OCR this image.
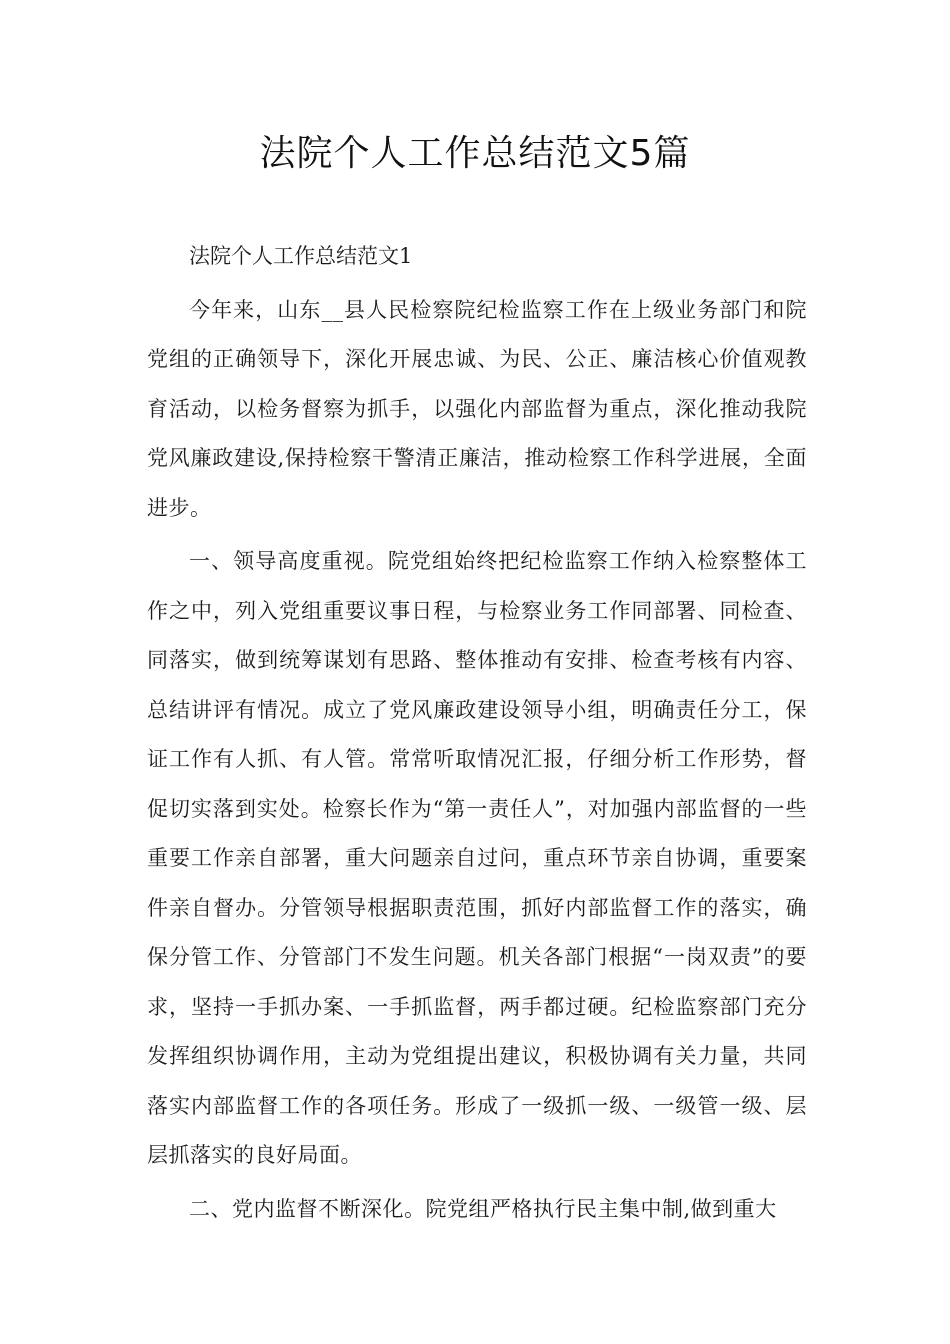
法院个人工作总结范文5篇

法院个人工作总结范文1

今年来，山东__县人民检察院纪检监察工作在上级业务部门和院党组的正确领导下，深化开展忠诚、为民、公正、廉洁核心价值观教育活动，以检务督察为抓手，以强化内部监督为重点，深化推动我院党风廉政建设,保持检察干警清正廉洁，推动检察工作科学进展，全面进步。

一、领导高度重视。院党组始终把纪检监察工作纳入检察整体工作之中，列入党组重要议事日程，与检察业务工作同部署、同检查、同落实，做到统筹谋划有思路、整体推动有安排、检查考核有内容、总结讲评有情况。成立了党风廉政建设领导小组，明确责任分工，保证工作有人抓、有人管。常常听取情况汇报，仔细分析工作形势，督促切实落到实处。检察长作为“第一责任人”，对加强内部监督的一些重要工作亲自部署，重大问题亲自过问，重点环节亲自协调，重要案件亲自督办。分管领导根据职责范围，抓好内部监督工作的落实，确保分管工作、分管部门不发生问题。机关各部门根据“一岗双责”的要求，坚持一手抓办案、一手抓监督，两手都过硬。纪检监察部门充分发挥组织协调作用，主动为党组提出建议，积极协调有关力量，共同落实内部监督工作的各项任务。形成了一级抓一级、一级管一级、层层抓落实的良好局面。

二、党内监督不断深化。院党组严格执行民主集中制,做到重大
